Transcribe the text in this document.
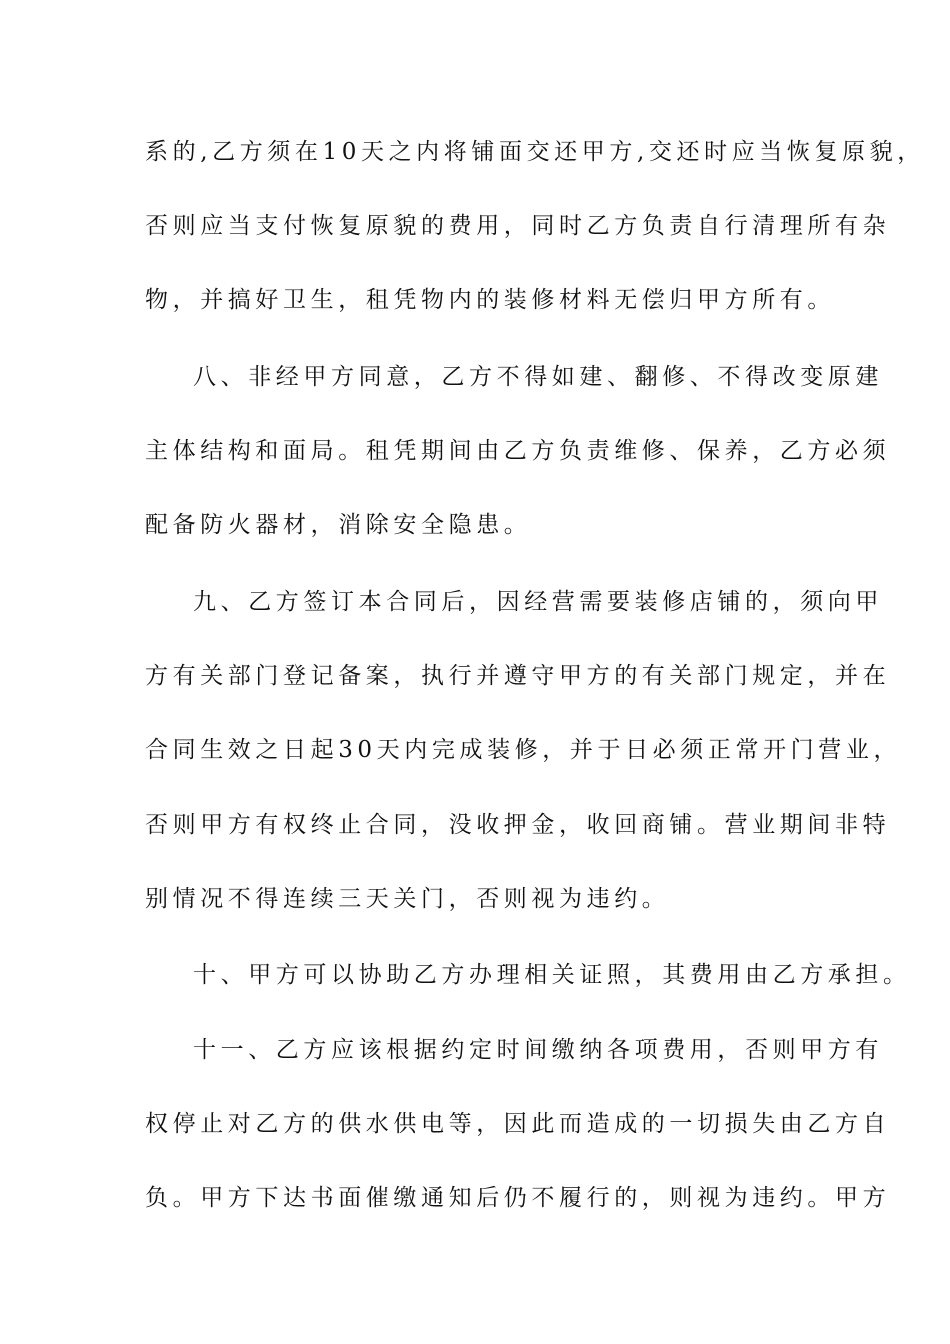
系的,乙方须在10天之内将铺面交还甲方,交还时应当恢复原貌，
否则应当支付恢复原貌的费用，同时乙方负责自行清理所有杂
物，并搞好卫生，租凭物内的装修材料无偿归甲方所有。
八、非经甲方同意，乙方不得如建、翻修、不得改变原建
主体结构和面局。租凭期间由乙方负责维修、保养，乙方必须
配备防火器材，消除安全隐患。
九、乙方签订本合同后，因经营需要装修店铺的，须向甲
方有关部门登记备案，执行并遵守甲方的有关部门规定，并在
合同生效之日起30天内完成装修，并于日必须正常开门营业，
否则甲方有权终止合同，没收押金，收回商铺。营业期间非特
别情况不得连续三天关门，否则视为违约。
十、甲方可以协助乙方办理相关证照，其费用由乙方承担。
十一、乙方应该根据约定时间缴纳各项费用，否则甲方有
权停止对乙方的供水供电等，因此而造成的一切损失由乙方自
负。甲方下达书面催缴通知后仍不履行的，则视为违约。甲方
